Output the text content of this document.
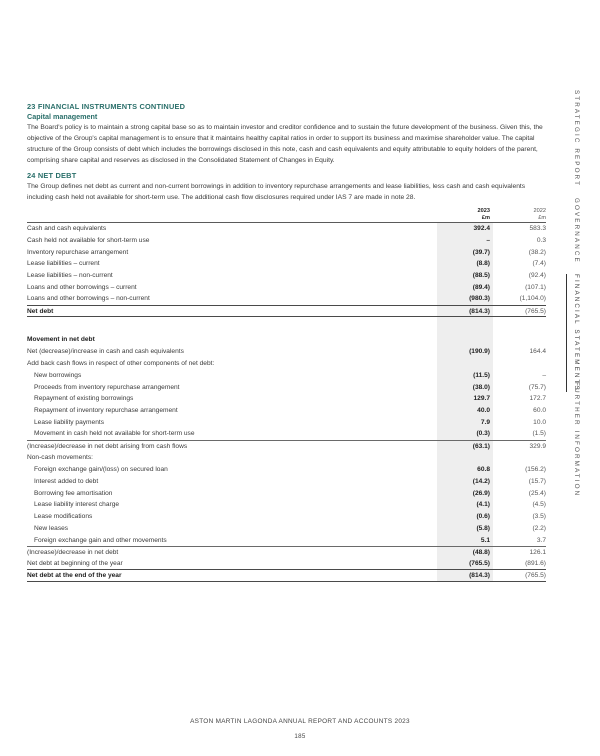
23 FINANCIAL INSTRUMENTS CONTINUED
Capital management

The Board's policy is to maintain a strong capital base so as to maintain investor and creditor confidence and to sustain the future development of the business. Given this, the objective of the Group's capital management is to ensure that it maintains healthy capital ratios in order to support its business and maximise shareholder value. The capital structure of the Group consists of debt which includes the borrowings disclosed in this note, cash and cash equivalents and equity attributable to equity holders of the parent, comprising share capital and reserves as disclosed in the Consolidated Statement of Changes in Equity.

24 NET DEBT

The Group defines net debt as current and non-current borrowings in addition to inventory repurchase arrangements and lease liabilities, less cash and cash equivalents including cash held not available for short-term use. The additional cash flow disclosures required under IAS 7 are made in note 28.

	2023
£m	2022
£m
Cash and cash equivalents	392.4	583.3
Cash held not available for short-term use	–	0.3
Inventory repurchase arrangement	(39.7)	(38.2)
Lease liabilities – current	(8.8)	(7.4)
Lease liabilities – non-current	(88.5)	(92.4)
Loans and other borrowings – current	(89.4)	(107.1)
Loans and other borrowings – non-current	(980.3)	(1,104.0)
Net debt	(814.3)	(765.5)

Movement in net debt		
Net (decrease)/increase in cash and cash equivalents	(190.9)	164.4
Add back cash flows in respect of other components of net debt:		
New borrowings	(11.5)	–
Proceeds from inventory repurchase arrangement	(38.0)	(75.7)
Repayment of existing borrowings	129.7	172.7
Repayment of inventory repurchase arrangement	40.0	60.0
Lease liability payments	7.9	10.0
Movement in cash held not available for short-term use	(0.3)	(1.5)
(Increase)/decrease in net debt arising from cash flows	(63.1)	329.9
Non-cash movements:		
Foreign exchange gain/(loss) on secured loan	60.8	(156.2)
Interest added to debt	(14.2)	(15.7)
Borrowing fee amortisation	(26.9)	(25.4)
Lease liability interest charge	(4.1)	(4.5)
Lease modifications	(0.6)	(3.5)
New leases	(5.8)	(2.2)
Foreign exchange gain and other movements	5.1	3.7
(Increase)/decrease in net debt	(48.8)	126.1
Net debt at beginning of the year	(765.5)	(891.6)
Net debt at the end of the year	(814.3)	(765.5)
STRATEGIC REPORT
GOVERNANCE
FINANCIAL STATEMENTS
FURTHER INFORMATION
ASTON MARTIN LAGONDA ANNUAL REPORT AND ACCOUNTS 2023
185
